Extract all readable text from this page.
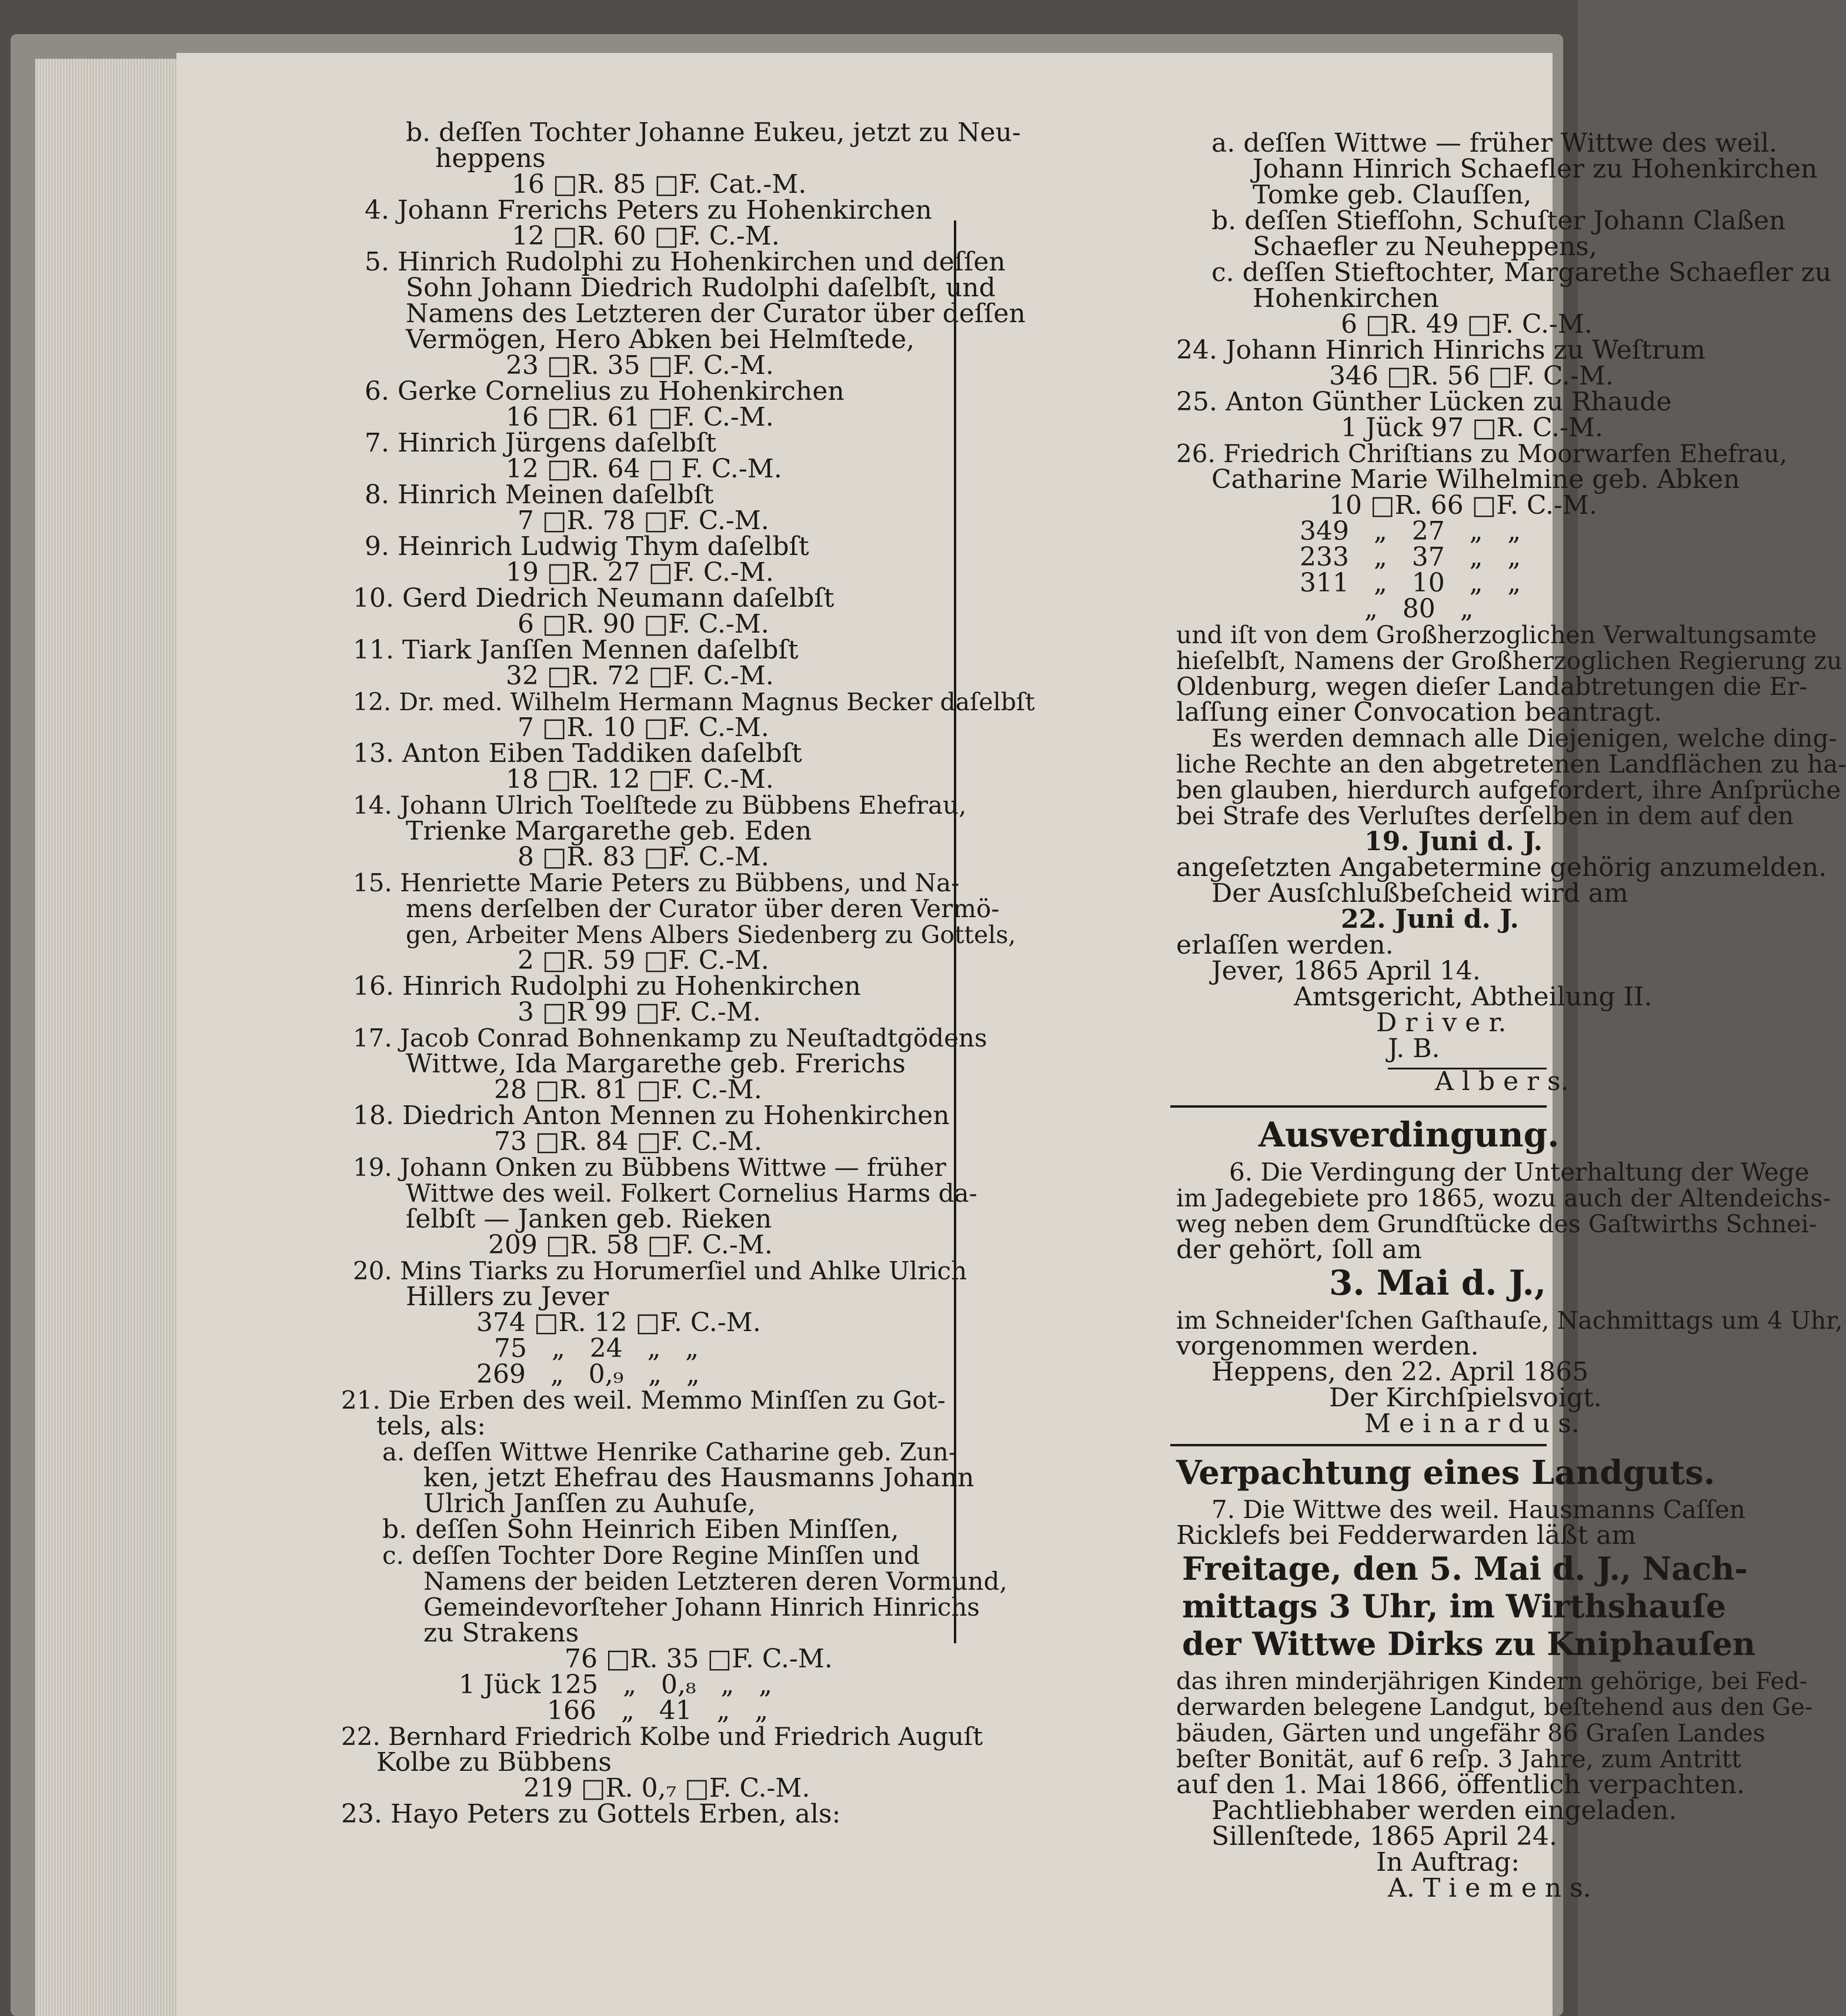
b. deſſen Tochter Johanne Eukeu, jetzt zu Neu-
heppens
16 □R. 85 □F. Cat.-M.
4. Johann Frerichs Peters zu Hohenkirchen
12 □R. 60 □F. C.-M.
5. Hinrich Rudolphi zu Hohenkirchen und deſſen
Sohn Johann Diedrich Rudolphi daſelbſt, und
Namens des Letzteren der Curator über deſſen
Vermögen, Hero Abken bei Helmſtede,
23 □R. 35 □F. C.-M.
6. Gerke Cornelius zu Hohenkirchen
16 □R. 61 □F. C.-M.
7. Hinrich Jürgens daſelbſt
12 □R. 64 □ F. C.-M.
8. Hinrich Meinen daſelbſt
7 □R. 78 □F. C.-M.
9. Heinrich Ludwig Thym daſelbſt
19 □R. 27 □F. C.-M.
10. Gerd Diedrich Neumann daſelbſt
6 □R. 90 □F. C.-M.
11. Tiark Janſſen Mennen daſelbſt
32 □R. 72 □F. C.-M.
12. Dr. med. Wilhelm Hermann Magnus Becker daſelbſt
7 □R. 10 □F. C.-M.
13. Anton Eiben Taddiken daſelbſt
18 □R. 12 □F. C.-M.
14. Johann Ulrich Toelſtede zu Bübbens Ehefrau,
Trienke Margarethe geb. Eden
8 □R. 83 □F. C.-M.
15. Henriette Marie Peters zu Bübbens, und Na-
mens derſelben der Curator über deren Vermö-
gen, Arbeiter Mens Albers Siedenberg zu Gottels,
2 □R. 59 □F. C.-M.
16. Hinrich Rudolphi zu Hohenkirchen
3 □R 99 □F. C.-M.
17. Jacob Conrad Bohnenkamp zu Neuſtadtgödens
Wittwe, Ida Margarethe geb. Frerichs
28 □R. 81 □F. C.-M.
18. Diedrich Anton Mennen zu Hohenkirchen
73 □R. 84 □F. C.-M.
19. Johann Onken zu Bübbens Wittwe — früher
Wittwe des weil. Folkert Cornelius Harms da-
ſelbſt — Janken geb. Rieken
209 □R. 58 □F. C.-M.
20. Mins Tiarks zu Horumerſiel und Ahlke Ulrich
Hillers zu Jever
374 □R. 12 □F. C.-M.
75   „   24   „   „
269   „   0,₉   „   „
21. Die Erben des weil. Memmo Minſſen zu Got-
tels, als:
a. deſſen Wittwe Henrike Catharine geb. Zun-
ken, jetzt Ehefrau des Hausmanns Johann
Ulrich Janſſen zu Auhuſe,
b. deſſen Sohn Heinrich Eiben Minſſen,
c. deſſen Tochter Dore Regine Minſſen und
Namens der beiden Letzteren deren Vormund,
Gemeindevorſteher Johann Hinrich Hinrichs
zu Strakens
76 □R. 35 □F. C.-M.
1 Jück 125   „   0,₈   „   „
166   „   41   „   „
22. Bernhard Friedrich Kolbe und Friedrich Auguſt
Kolbe zu Bübbens
219 □R. 0,₇ □F. C.-M.
23. Hayo Peters zu Gottels Erben, als:
a. deſſen Wittwe — früher Wittwe des weil.
Johann Hinrich Schaefler zu Hohenkirchen
Tomke geb. Clauſſen,
b. deſſen Stiefſohn, Schuſter Johann Claßen
Schaefler zu Neuheppens,
c. deſſen Stieftochter, Margarethe Schaefler zu
Hohenkirchen
6 □R. 49 □F. C.-M.
24. Johann Hinrich Hinrichs zu Weſtrum
346 □R. 56 □F. C.-M.
25. Anton Günther Lücken zu Rhaude
1 Jück 97 □R. C.-M.
26. Friedrich Chriſtians zu Moorwarfen Ehefrau,
Catharine Marie Wilhelmine geb. Abken
10 □R. 66 □F. C.-M.
349   „   27   „   „
233   „   37   „   „
311   „   10   „   „
„   80   „
und iſt von dem Großherzoglichen Verwaltungsamte
hieſelbſt, Namens der Großherzoglichen Regierung zu
Oldenburg, wegen dieſer Landabtretungen die Er-
laſſung einer Convocation beantragt.
Es werden demnach alle Diejenigen, welche ding-
liche Rechte an den abgetretenen Landflächen zu ha-
ben glauben, hierdurch aufgefordert, ihre Anſprüche
bei Strafe des Verluſtes derſelben in dem auf den
19. Juni d. J.
angeſetzten Angabetermine gehörig anzumelden.
Der Ausſchlußbeſcheid wird am
22. Juni d. J.
erlaſſen werden.
Jever, 1865 April 14.
Amtsgericht, Abtheilung II.
D r i v e r.
J. B.
A l b e r s.
Ausverdingung.
6. Die Verdingung der Unterhaltung der Wege
im Jadegebiete pro 1865, wozu auch der Altendeichs-
weg neben dem Grundſtücke des Gaſtwirths Schnei-
der gehört, ſoll am
3. Mai d. J.,
im Schneider'ſchen Gaſthauſe, Nachmittags um 4 Uhr,
vorgenommen werden.
Heppens, den 22. April 1865
Der Kirchſpielsvoigt.
M e i n a r d u s.
Verpachtung eines Landguts.
7. Die Wittwe des weil. Hausmanns Caſſen
Ricklefs bei Fedderwarden läßt am
Freitage, den 5. Mai d. J., Nach-
mittags 3 Uhr, im Wirthshauſe
der Wittwe Dirks zu Kniphauſen
das ihren minderjährigen Kindern gehörige, bei Fed-
derwarden belegene Landgut, beſtehend aus den Ge-
bäuden, Gärten und ungefähr 86 Graſen Landes
beſter Bonität, auf 6 reſp. 3 Jahre, zum Antritt
auf den 1. Mai 1866, öffentlich verpachten.
Pachtliebhaber werden eingeladen.
Sillenſtede, 1865 April 24.
In Auftrag:
A. T i e m e n s.
